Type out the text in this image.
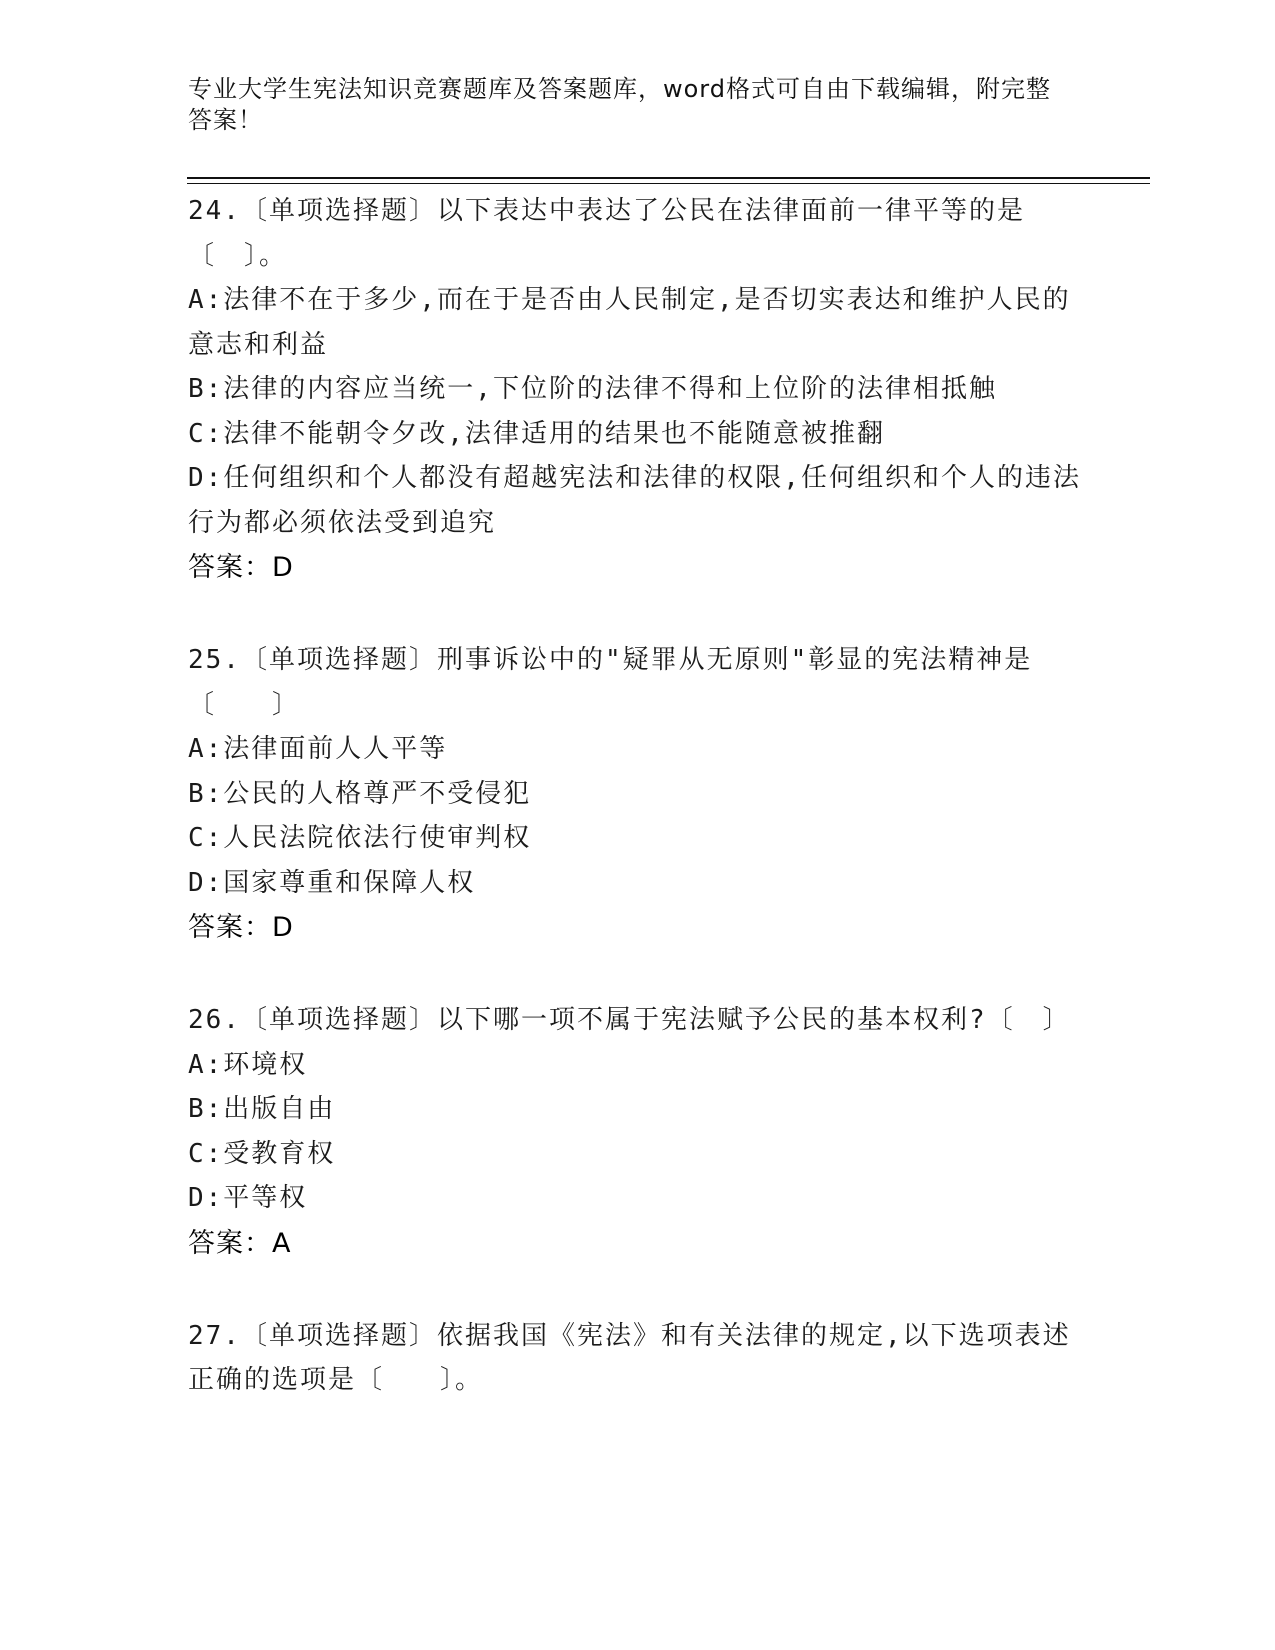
专业大学生宪法知识竞赛题库及答案题库，word格式可自由下载编辑，附完整答案！

24.〔单项选择题〕以下表达中表达了公民在法律面前一律平等的是〔　〕。

A:法律不在于多少,而在于是否由人民制定,是否切实表达和维护人民的意志和利益

B:法律的内容应当统一,下位阶的法律不得和上位阶的法律相抵触

C:法律不能朝令夕改,法律适用的结果也不能随意被推翻

D:任何组织和个人都没有超越宪法和法律的权限,任何组织和个人的违法行为都必须依法受到追究

答案：D

25.〔单项选择题〕刑事诉讼中的"疑罪从无原则"彰显的宪法精神是〔　　〕

A:法律面前人人平等

B:公民的人格尊严不受侵犯

C:人民法院依法行使审判权

D:国家尊重和保障人权

答案：D

26.〔单项选择题〕以下哪一项不属于宪法赋予公民的基本权利?〔　〕

A:环境权

B:出版自由

C:受教育权

D:平等权

答案：A

27.〔单项选择题〕依据我国《宪法》和有关法律的规定,以下选项表述正确的选项是〔　　〕。
